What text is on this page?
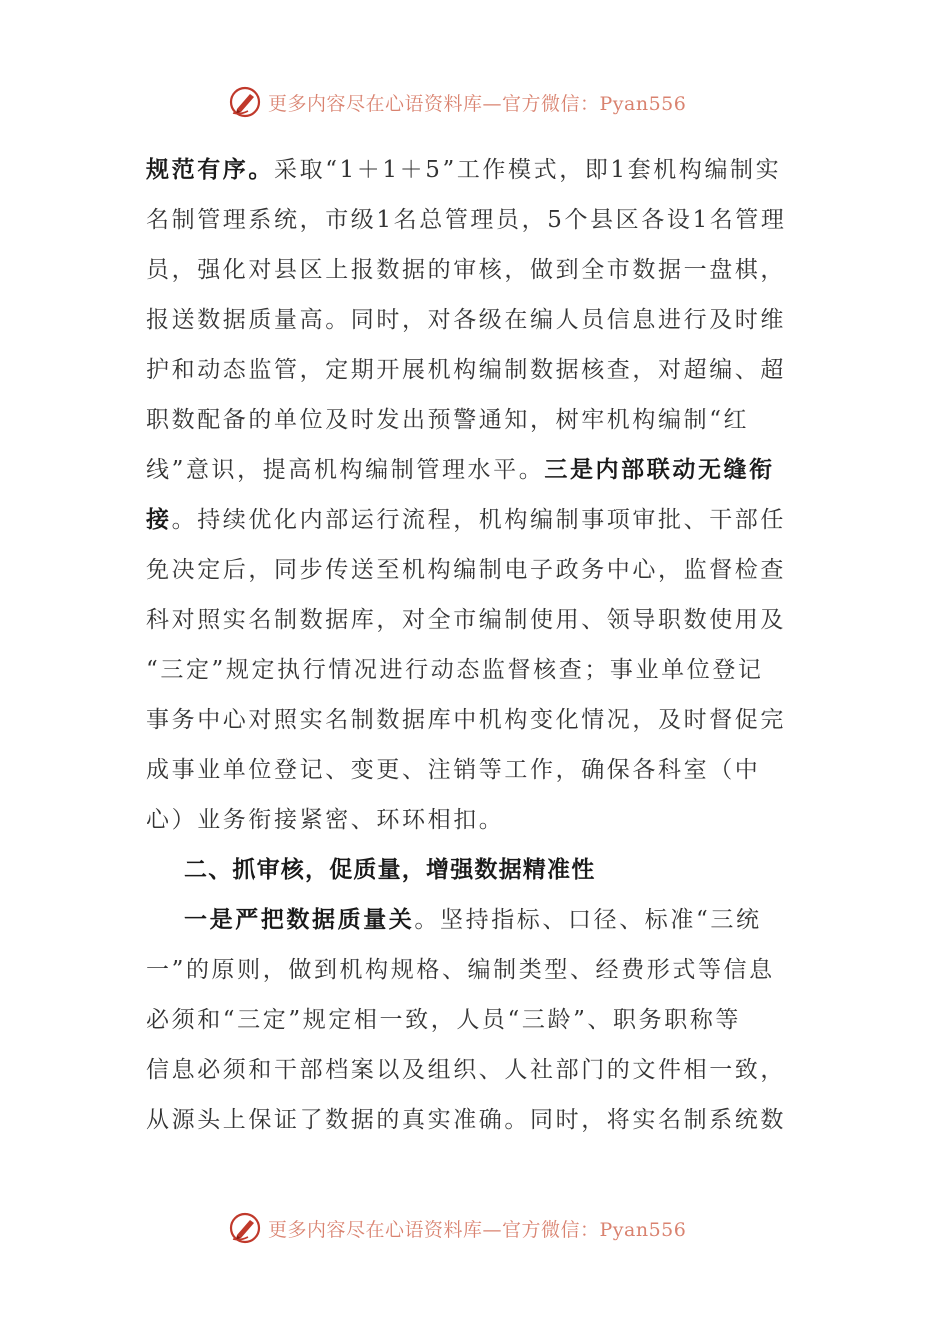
更多内容尽在心语资料库—官方微信：Pyan556
规范有序。采取“1＋1＋5”工作模式，即1套机构编制实
名制管理系统，市级1名总管理员，5个县区各设1名管理
员，强化对县区上报数据的审核，做到全市数据一盘棋，
报送数据质量高。同时，对各级在编人员信息进行及时维
护和动态监管，定期开展机构编制数据核查，对超编、超
职数配备的单位及时发出预警通知，树牢机构编制“红
线”意识，提高机构编制管理水平。三是内部联动无缝衔
接。持续优化内部运行流程，机构编制事项审批、干部任
免决定后，同步传送至机构编制电子政务中心，监督检查
科对照实名制数据库，对全市编制使用、领导职数使用及
“三定”规定执行情况进行动态监督核查；事业单位登记
事务中心对照实名制数据库中机构变化情况，及时督促完
成事业单位登记、变更、注销等工作，确保各科室（中
心）业务衔接紧密、环环相扣。
二、抓审核，促质量，增强数据精准性
一是严把数据质量关。坚持指标、口径、标准“三统
一”的原则，做到机构规格、编制类型、经费形式等信息
必须和“三定”规定相一致，人员“三龄”、职务职称等
信息必须和干部档案以及组织、人社部门的文件相一致，
从源头上保证了数据的真实准确。同时，将实名制系统数
更多内容尽在心语资料库—官方微信：Pyan556
